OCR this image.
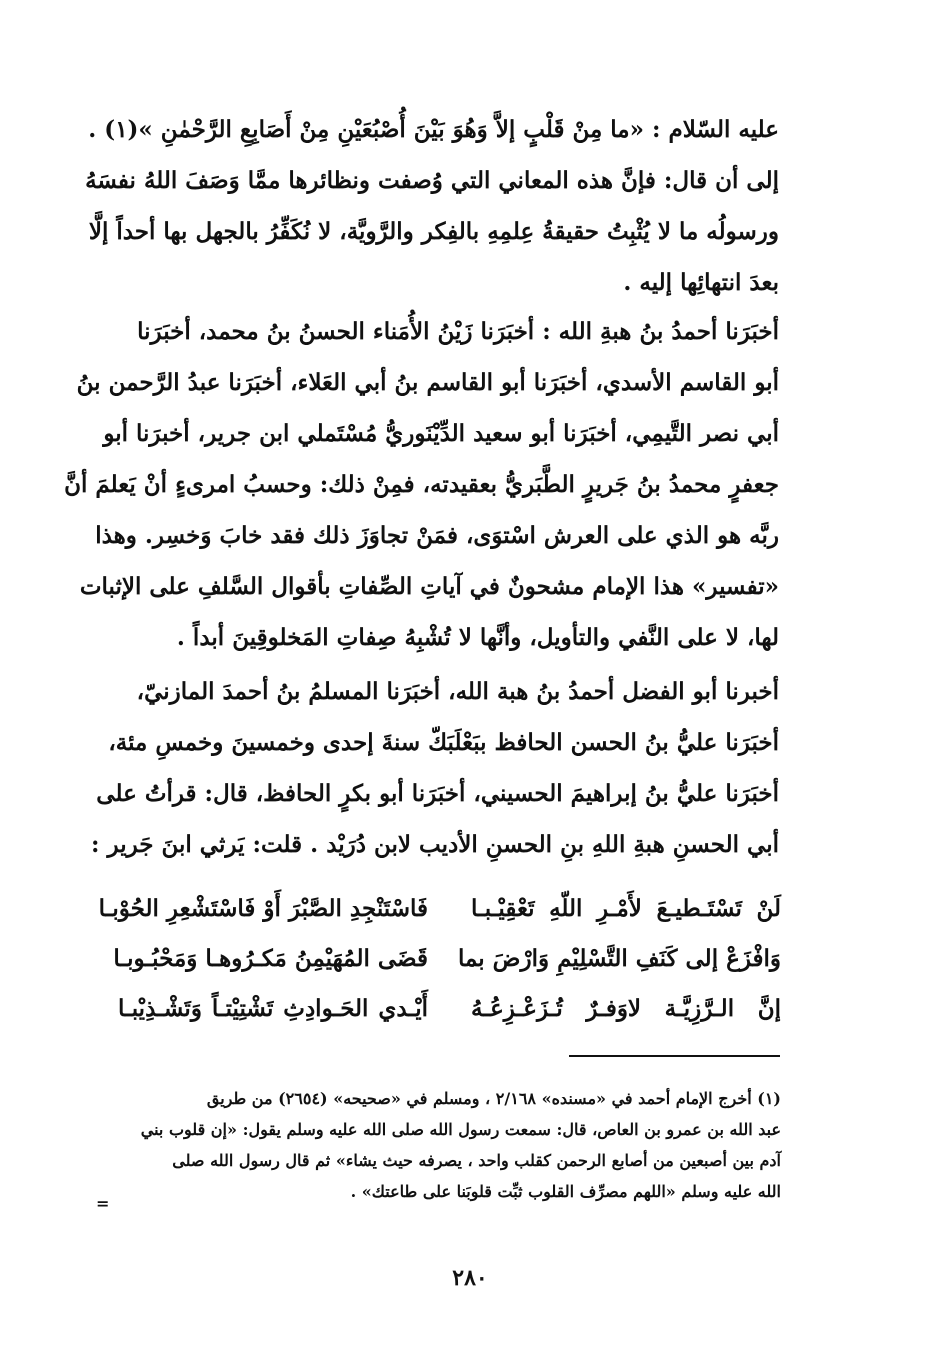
عليه السّلام : «ما مِنْ قَلْبٍ إلاَّ وَهُوَ بَيْنَ أُصْبُعَيْنِ مِنْ أَصَابِعِ الرَّحْمٰنِ »(١) .
إلى أن قال: فإنَّ هذه المعاني التي وُصفت ونظائرها ممَّا وَصَفَ اللهُ نفسَهُ
ورسولُه ما لا يُثْبِتُ حقيقةُ عِلمِهِ بالفِكر والرَّويَّة، لا نُكَفِّرُ بالجهل بها أحداً إلَّا
بعدَ انتهائِها إليه .
أخبَرَنا أحمدُ بنُ هبةِ الله : أخبَرَنا زَيْنُ الأُمَناء الحسنُ بنُ محمد، أخبَرَنا
أبو القاسم الأسدي، أخبَرَنا أبو القاسم بنُ أبي العَلاء، أخبَرَنا عبدُ الرَّحمن بنُ
أبي نصر التَّيمِي، أخبَرَنا أبو سعيد الدِّيْنَوريُّ مُسْتَملي ابن جرير، أخبرَنا أبو
جعفرٍ محمدُ بنُ جَريرٍ الطَّبَريُّ بعقيدته، فمِنْ ذلك: وحسبُ امرىءٍ أنْ يَعلمَ أنَّ
ربَّه هو الذي على العرش اسْتوَى، فمَنْ تجاوَزَ ذلك فقد خابَ وَخسِر. وهذا
«تفسير» هذا الإمام مشحونٌ في آياتِ الصِّفاتِ بأقوال السَّلفِ على الإثبات
لها، لا على النَّفي والتأويل، وأنَّها لا تُشْبِهُ صِفاتِ المَخلوقِينَ أبداً .
أخبرنا أبو الفضل أحمدُ بنُ هبة الله، أخبَرَنا المسلمُ بنُ أحمدَ المازنيّ،
أخبَرَنا عليُّ بنُ الحسن الحافظ ببَعْلَبَكّ سنةَ إحدى وخمسينَ وخمسِ مئة،
أخبَرَنا عليُّ بنُ إبراهيمَ الحسيني، أخبَرَنا أبو بكرٍ الحافظ، قال: قرأتُ على
أبي الحسنِ هبةِ اللهِ بنِ الحسنِ الأديب لابن دُرَيْد . قلت: يَرثي ابنَ جَرير :
لَنْ تَسْتَـطيـعَ لأَمْـرِ اللّهِ تَعْقِيْـبـا
فَاسْتَنْجِدِ الصَّبْرَ أَوْ فَاسْتَشْعِرِ الحُوْبـا
وَافْزَعْ إلى كَنَفِ التَّسْلِيْمِ وَارْضَ بما
قَضَى المُهَيْمِنُ مَكـرُوهـا وَمَحْبُـوبـا
إنَّ الـرَّزِيَّـة لاوَفـرٌ تُـزَعْـزِعُـهُ
أَيْـدي الحَـوادِثِ تَشْتِيْتـاً وَتَشْـذِيْبـا
(١) أخرج الإمام أحمد في «مسنده» ٢/١٦٨ ، ومسلم في «صحيحه» (٢٦٥٤) من طريق
عبد الله بن عمرو بن العاص، قال: سمعت رسول الله صلى الله عليه وسلم يقول: «إن قلوب بني
آدم بين أصبعين من أصابع الرحمن كقلب واحد ، يصرفه حيث يشاء» ثم قال رسول الله صلى
الله عليه وسلم «اللهم مصرِّف القلوب ثبِّت قلوبَنا على طاعتك» .
=
٢٨٠
